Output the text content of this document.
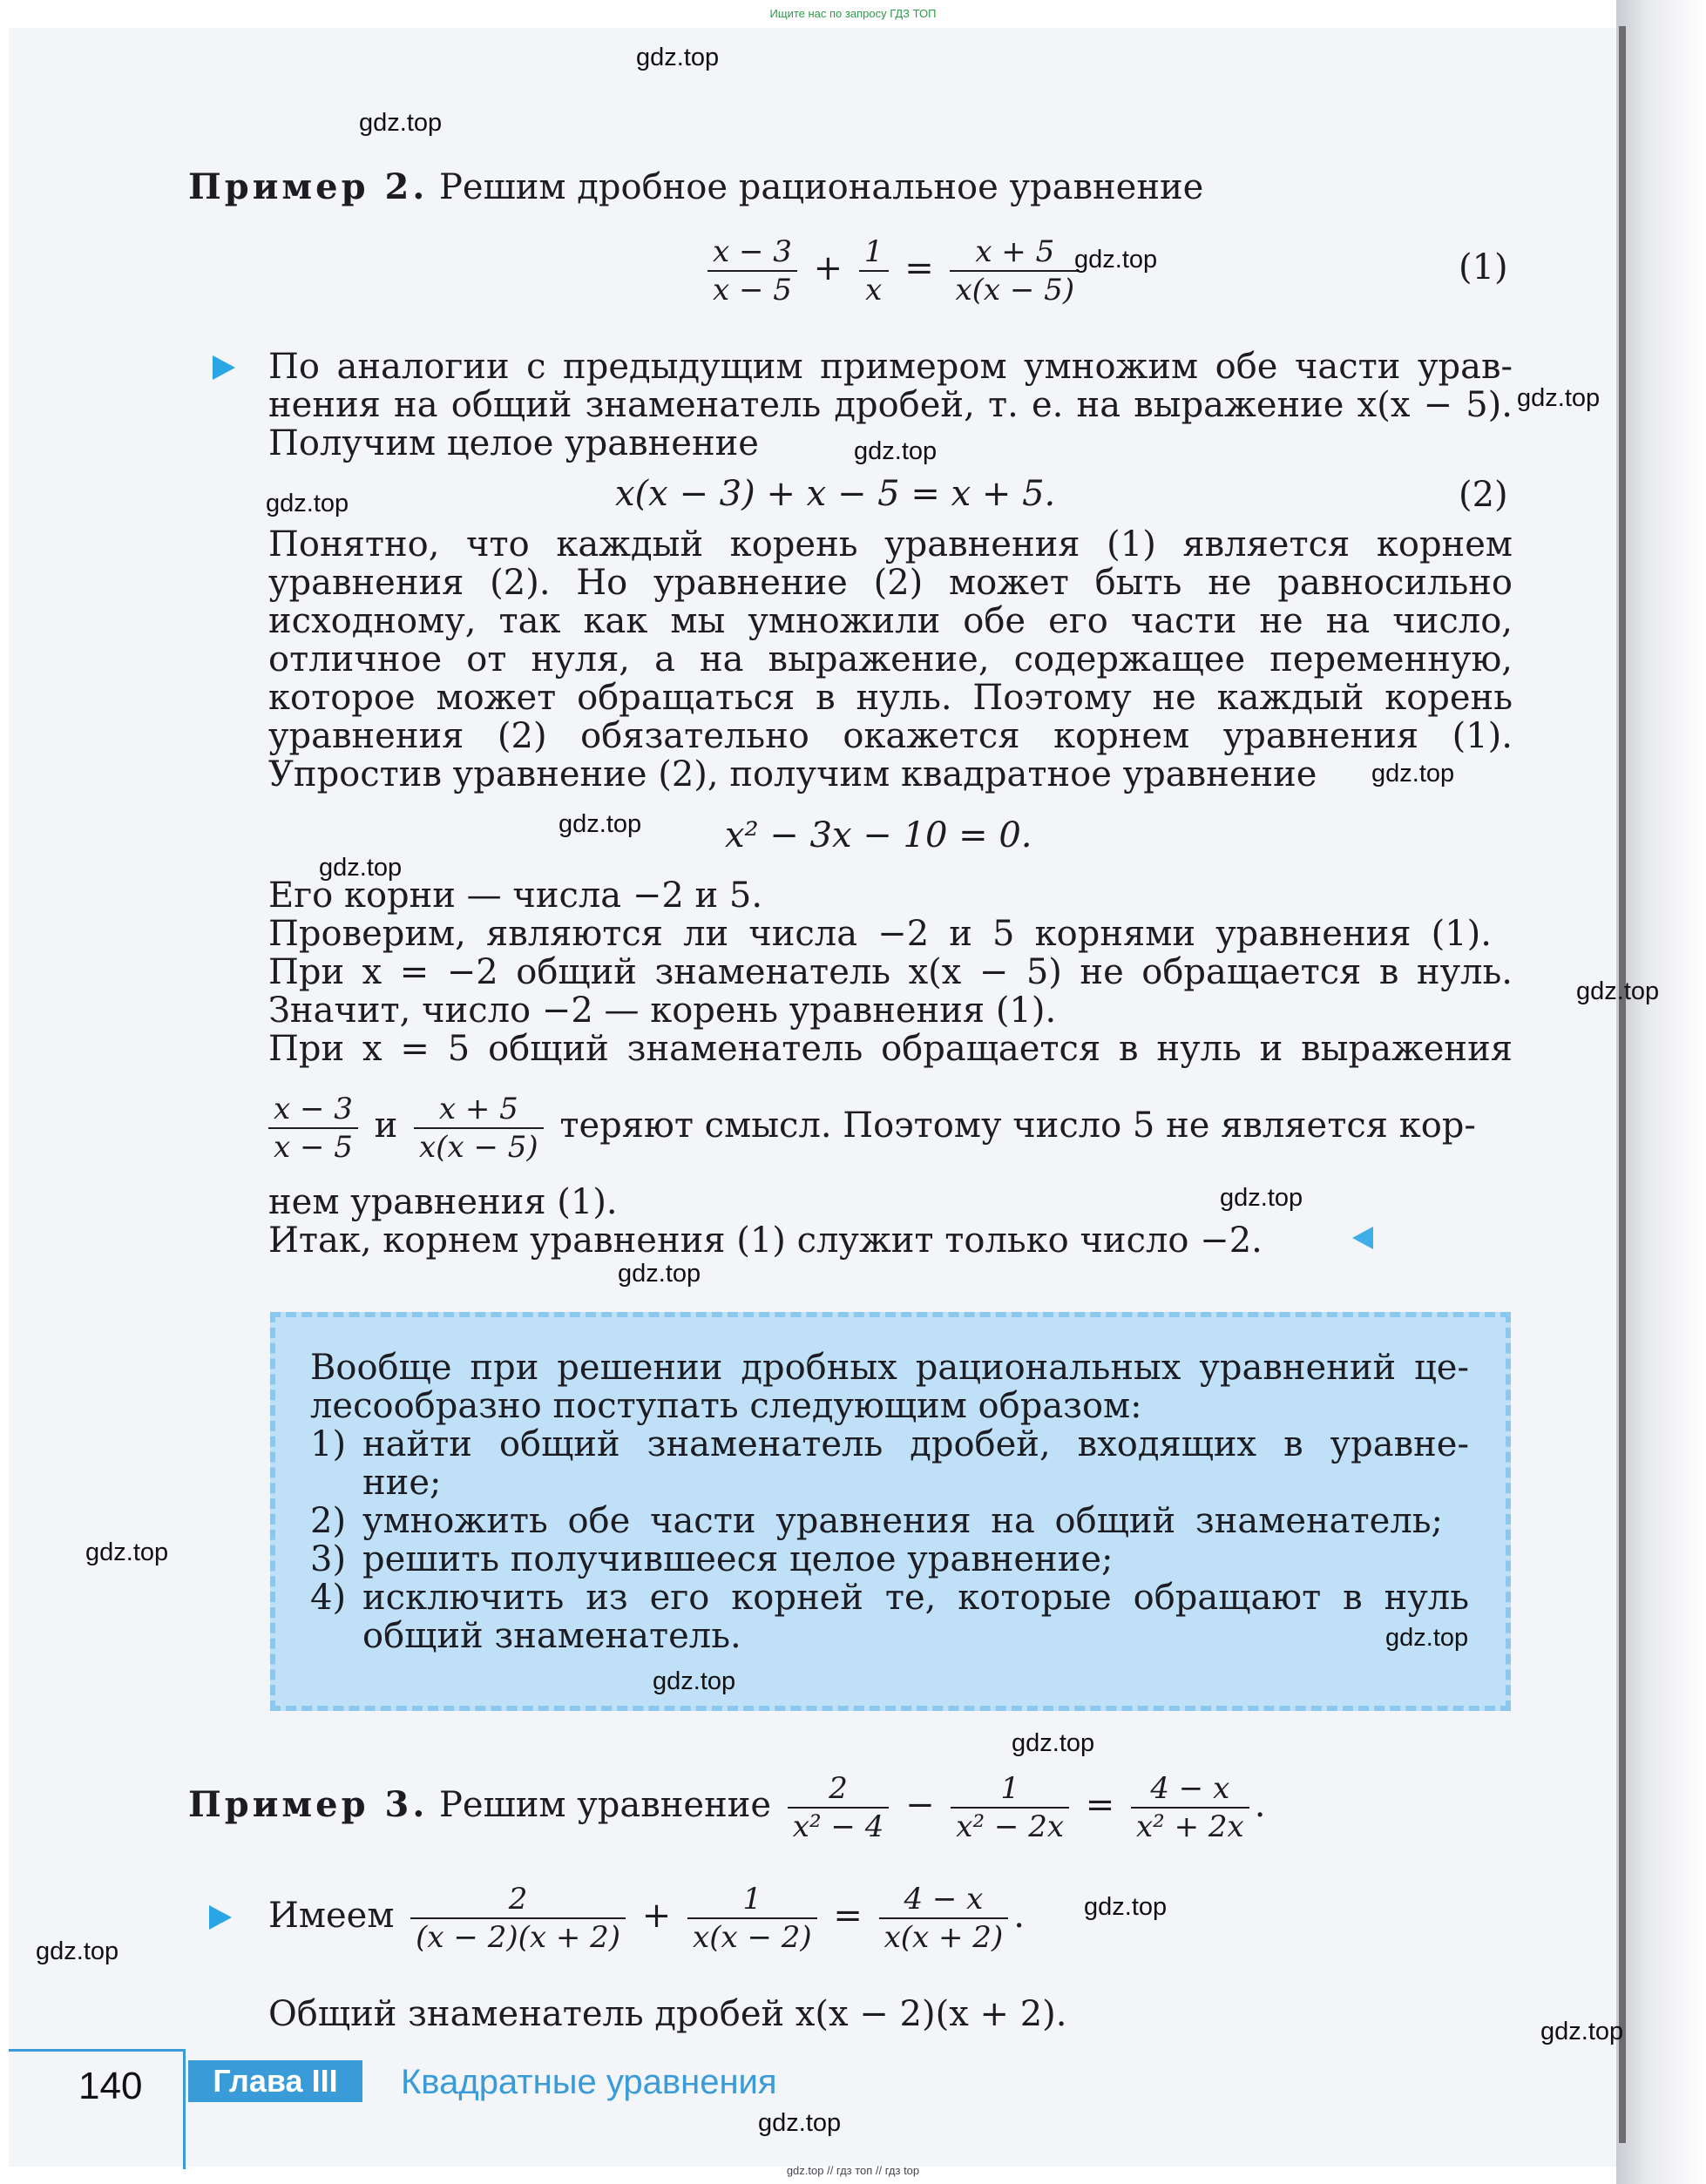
Ищите нас по запросу ГДЗ ТОП
Пример 2. Решим дробное рациональное уравнение
$\frac{x - 3}{x - 5} + \frac{1}{x} = \frac{x + 5}{x(x - 5)}$	(1)
По аналогии с предыдущим примером умножим обе части урав-
нения на общий знаменатель дробей, т. е. на выражение x(x − 5).
Получим целое уравнение
x(x − 3) + x − 5 = x + 5.	(2)
Понятно, что каждый корень уравнения (1) является корнем
уравнения (2). Но уравнение (2) может быть не равносильно
исходному, так как мы умножили обе его части не на число,
отличное от нуля, а на выражение, содержащее переменную,
которое может обращаться в нуль. Поэтому не каждый корень
уравнения (2) обязательно окажется корнем уравнения (1).
Упростив уравнение (2), получим квадратное уравнение
x² − 3x − 10 = 0.
Его корни — числа −2 и 5.
Проверим, являются ли числа −2 и 5 корнями уравнения (1).
При x = −2 общий знаменатель x(x − 5) не обращается в нуль.
Значит, число −2 — корень уравнения (1).
При x = 5 общий знаменатель обращается в нуль и выражения
$\frac{x - 3}{x - 5}$ и $\frac{x + 5}{x(x - 5)}$ теряют смысл. Поэтому число 5 не является кор-
нем уравнения (1).
Итак, корнем уравнения (1) служит только число −2.
Вообще при решении дробных рациональных уравнений це-
лесообразно поступать следующим образом:
1) найти общий знаменатель дробей, входящих в уравне-
ние;
2) умножить обе части уравнения на общий знаменатель;
3) решить получившееся целое уравнение;
4) исключить из его корней те, которые обращают в нуль
общий знаменатель.
Пример 3. Решим уравнение $\frac{2}{\text{x² − 4}} - \frac{1}{\text{x² − 2x}} = \frac{4 - x}{\text{x² + 2x}}$ .
Имеем $\frac{2}{(x - 2)(x + 2)} + \frac{1}{x(x - 2)} = \frac{4 - x}{x(x + 2)}$ .
Общий знаменатель дробей x(x − 2)(x + 2).
140	Глава III	Квадратные уравнения
gdz.top
gdz.top
gdz.top
gdz.top
gdz.top
gdz.top
gdz.top
gdz.top
gdz.top
gdz.top
gdz.top
gdz.top
gdz.top
gdz.top
gdz.top
gdz.top
gdz.top
gdz.top
gdz.top
gdz.top
gdz.top // гдз топ // гдз top
